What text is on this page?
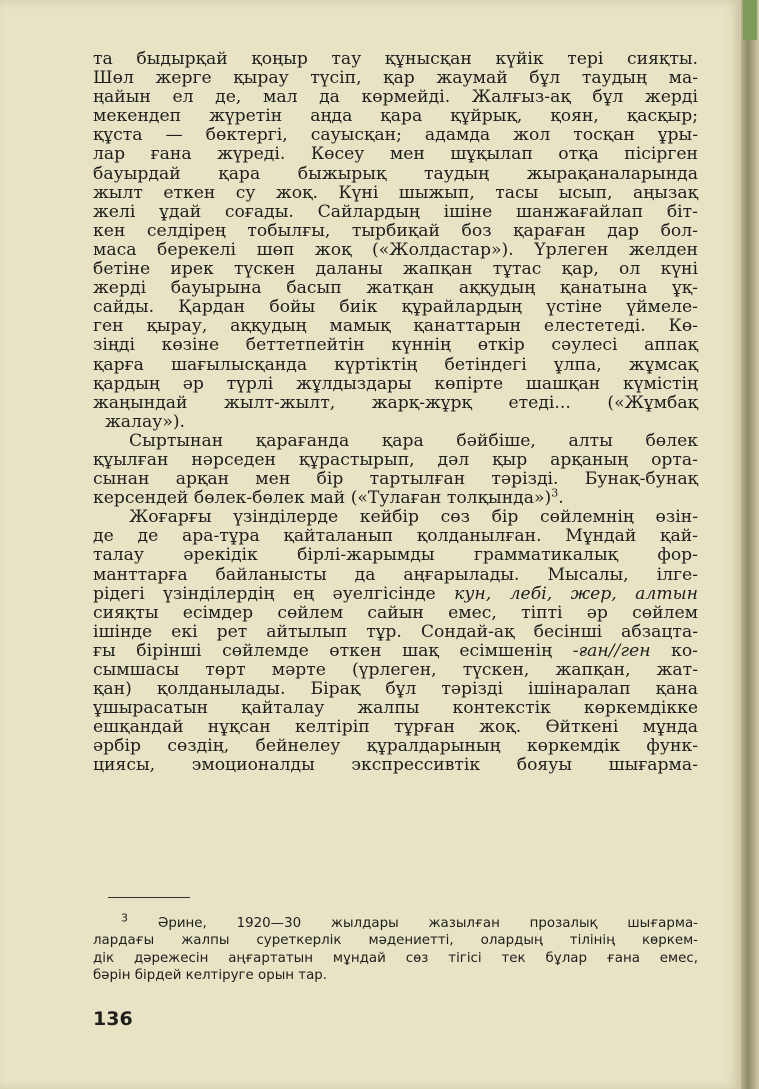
та быдырқай қоңыр тау құнысқан күйік тері сияқты.
Шөл жерге қырау түсіп, қар жаумай бұл таудың ма-
ңайын ел де, мал да көрмейді. Жалғыз-ақ бұл жерді
мекендеп жүретін аңда қара құйрық, қоян, қасқыр;
құста — бөктергі, сауысқан; адамда жол тосқан ұры-
лар ғана жүреді. Көсеу мен шұқылап отқа пісірген
бауырдай қара быжырық таудың жырақаналарында
жылт еткен су жоқ. Күні шыжып, тасы ысып, аңызақ
желі ұдай соғады. Сайлардың ішіне шанжағайлап біт-
кен селдірең тобылғы, тырбиқай боз қараған дар бол-
маса берекелі шөп жоқ («Жолдастар»). Үрлеген желден
бетіне ирек түскен даланы жапқан тұтас қар, ол күні
жерді бауырына басып жатқан аққудың қанатына ұқ-
сайды. Қардан бойы биік құрайлардың үстіне үймеле-
ген қырау, аққудың мамық қанаттарын елестетеді. Кө-
зіңді көзіне беттетпейтін күннің өткір сәулесі аппақ
қарға шағылысқанда күртіктің бетіндегі ұлпа, жұмсақ
қардың әр түрлі жұлдыздары көпірте шашқан күмістің
жаңындай жылт-жылт, жарқ-жұрқ етеді... («Жұмбақ
жалау»).

Сыртынан қарағанда қара бәйбіше, алты бөлек
құылған нәрседен құрастырып, дәл қыр арқаның орта-
сынан арқан мен бір тартылған тәрізді. Бунақ-бунақ
керсендей бөлек-бөлек май («Тулаған толқында»)$^3$.

Жоғарғы үзінділерде кейбір сөз бір сөйлемнің өзін-
де де ара-тұра қайталанып қолданылған. Мұндай қай-
талау әрекідік бірлі-жарымды грамматикалық фор-
манттарға байланысты да аңғарылады. Мысалы, ілге-
рідегі үзінділердің ең әуелгісінде кун, лебі, жер, алтын
сияқты есімдер сөйлем сайын емес, тіпті әр сөйлем
ішінде екі рет айтылып тұр. Сондай-ақ бесінші абзацта-
ғы бірінші сөйлемде өткен шақ есімшенің -ған//ген ко-
сымшасы төрт мәрте (үрлеген, түскен, жапқан, жат-
қан) қолданылады. Бірақ бұл тәрізді ішінаралап қана
ұшырасатын қайталау жалпы контекстік көркемдікке
ешқандай нұқсан келтіріп тұрған жоқ. Өйткені мұнда
әрбір сөздің, бейнелеу құралдарының көркемдік функ-
циясы, эмоционалды экспрессивтік бояуы шығарма-

$^3$ Әрине, 1920—30 жылдары жазылған прозалық шығарма-
лардағы жалпы суреткерлік мәдениетті, олардың тілінің көркем-
дік дәрежесін аңғартатын мұндай сөз тігісі тек бұлар ғана емес,
бәрін бірдей келтіруге орын тар.
136
